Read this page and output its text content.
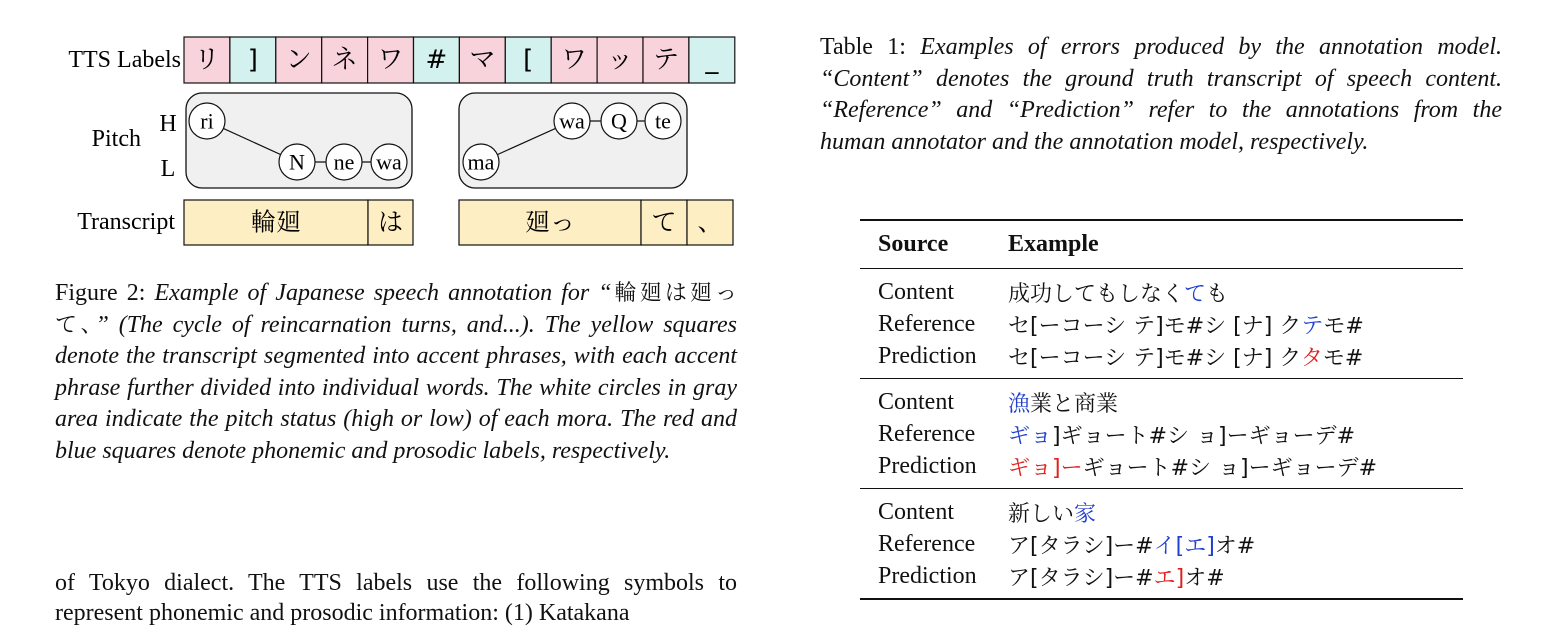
TTS Labels
Pitch
H
L
Transcript
リ ] ン ネ ワ # マ [ ワ ッ テ _
ri
N ne wa	ma
wa Q te
輪廻	は	廻っ	て 、
Figure 2: Example of Japanese speech annotation for “輪廻は廻って、” (The cycle of reincarnation turns, and...). The yellow squares denote the transcript segmented into accent phrases, with each accent phrase further divided into individual words. The white circles in gray area indicate the pitch status (high or low) of each mora. The red and blue squares denote phonemic and prosodic labels, respectively.
of Tokyo dialect. The TTS labels use the following symbols to represent phonemic and prosodic information: (1) Katakana
Table 1: Examples of errors produced by the annotation model. “Content” denotes the ground truth transcript of speech content. “Reference” and “Prediction” refer to the annotations from the human annotator and the annotation model, respectively.
Source	Example
Content	成功してもしなくても
Reference	セ[ーコーシ テ]モ#シ [ナ] クテモ#
Prediction	セ[ーコーシ テ]モ#シ [ナ] クタモ#
Content	漁業と商業
Reference	ギョ]ギョート#シ ョ]ーギョーデ#
Prediction	ギョ]ーギョート#シ ョ]ーギョーデ#
Content	新しい家
Reference	ア[タラシ]ー#イ[エ]オ#
Prediction	ア[タラシ]ー#エ]オ#
